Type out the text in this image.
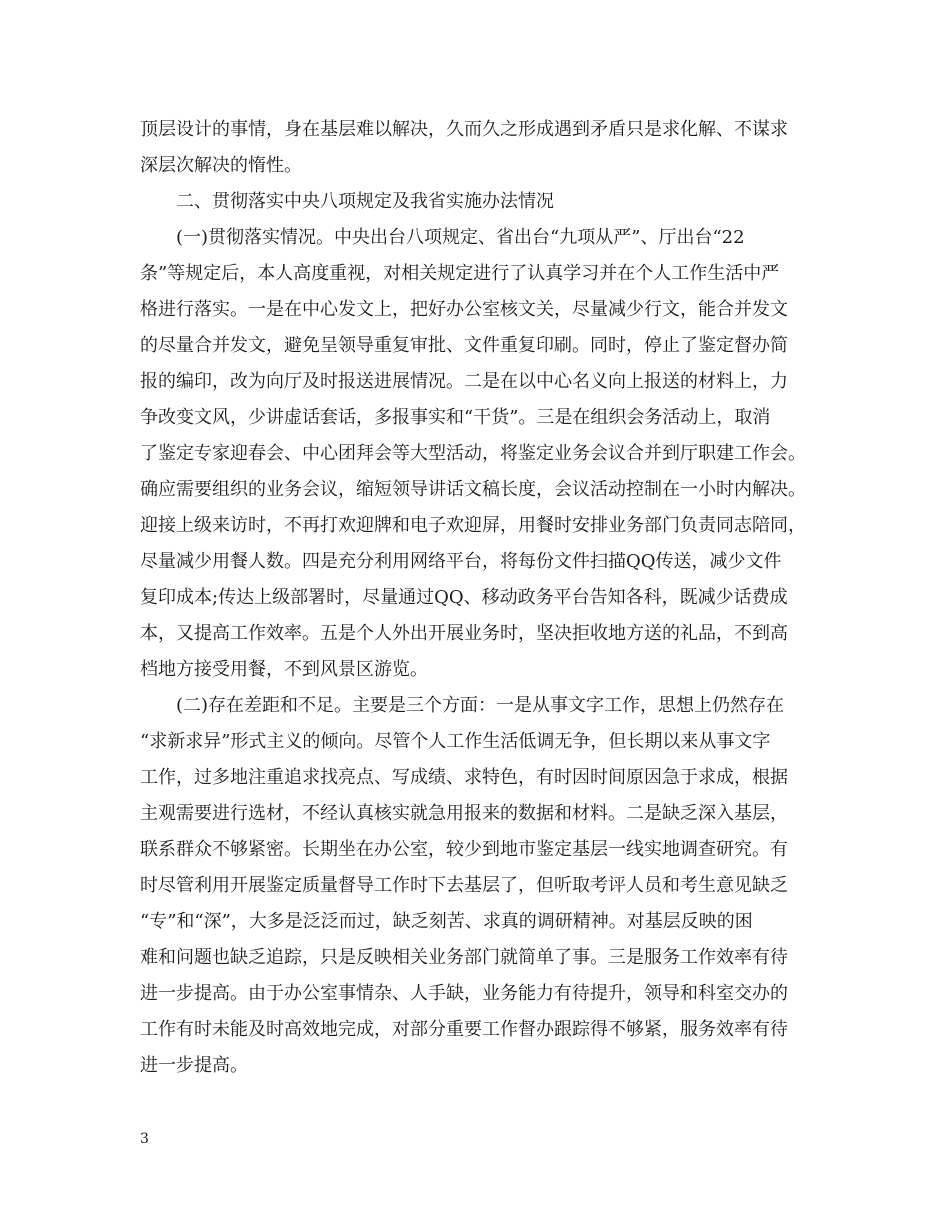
顶层设计的事情，身在基层难以解决，久而久之形成遇到矛盾只是求化解、不谋求
深层次解决的惰性。
二、贯彻落实中央八项规定及我省实施办法情况
(一)贯彻落实情况。中央出台八项规定、省出台“九项从严”、厅出台“22
条”等规定后，本人高度重视，对相关规定进行了认真学习并在个人工作生活中严
格进行落实。一是在中心发文上，把好办公室核文关，尽量减少行文，能合并发文
的尽量合并发文，避免呈领导重复审批、文件重复印刷。同时，停止了鉴定督办简
报的编印，改为向厅及时报送进展情况。二是在以中心名义向上报送的材料上，力
争改变文风，少讲虚话套话，多报事实和“干货”。三是在组织会务活动上，取消
了鉴定专家迎春会、中心团拜会等大型活动，将鉴定业务会议合并到厅职建工作会。
确应需要组织的业务会议，缩短领导讲话文稿长度，会议活动控制在一小时内解决。
迎接上级来访时，不再打欢迎牌和电子欢迎屏，用餐时安排业务部门负责同志陪同，
尽量减少用餐人数。四是充分利用网络平台，将每份文件扫描QQ传送，减少文件
复印成本;传达上级部署时，尽量通过QQ、移动政务平台告知各科，既减少话费成
本，又提高工作效率。五是个人外出开展业务时，坚决拒收地方送的礼品，不到高
档地方接受用餐，不到风景区游览。
(二)存在差距和不足。主要是三个方面：一是从事文字工作，思想上仍然存在
“求新求异”形式主义的倾向。尽管个人工作生活低调无争，但长期以来从事文字
工作，过多地注重追求找亮点、写成绩、求特色，有时因时间原因急于求成，根据
主观需要进行选材，不经认真核实就急用报来的数据和材料。二是缺乏深入基层，
联系群众不够紧密。长期坐在办公室，较少到地市鉴定基层一线实地调查研究。有
时尽管利用开展鉴定质量督导工作时下去基层了，但听取考评人员和考生意见缺乏
“专”和“深”，大多是泛泛而过，缺乏刻苦、求真的调研精神。对基层反映的困
难和问题也缺乏追踪，只是反映相关业务部门就简单了事。三是服务工作效率有待
进一步提高。由于办公室事情杂、人手缺，业务能力有待提升，领导和科室交办的
工作有时未能及时高效地完成，对部分重要工作督办跟踪得不够紧，服务效率有待
进一步提高。
3
